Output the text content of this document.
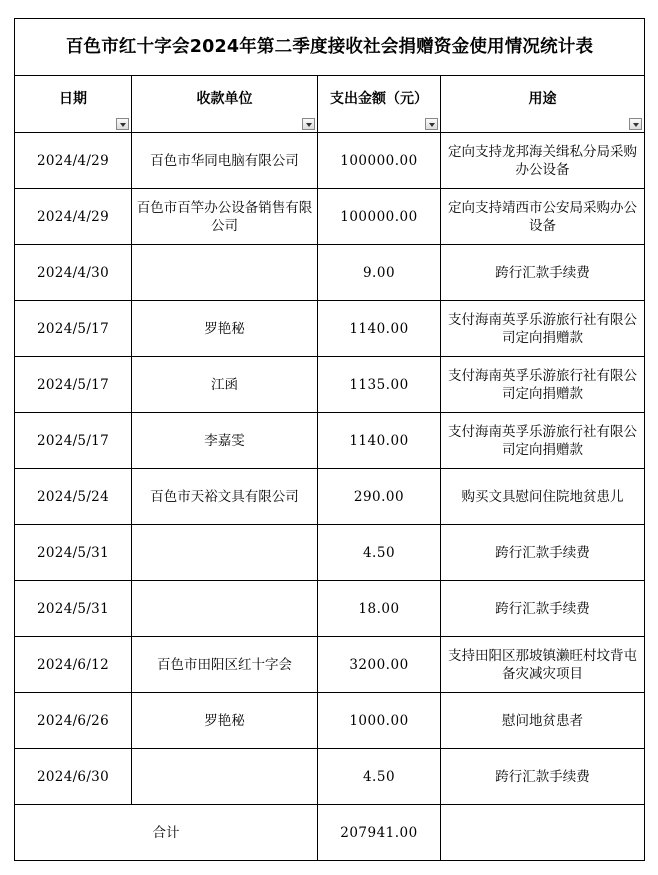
百色市红十字会2024年第二季度接收社会捐赠资金使用情况统计表			

日期	收款单位	支出金额（元）	用途

2024/4/29	百色市华同电脑有限公司	100000.00	定向支持龙邦海关缉私分局采购办公设备
2024/4/29	百色市百竿办公设备销售有限公司	100000.00	定向支持靖西市公安局采购办公设备
2024/4/30		9.00	跨行汇款手续费
2024/5/17	罗艳秘	1140.00	支付海南英孚乐游旅行社有限公司定向捐赠款
2024/5/17	江函	1135.00	支付海南英孚乐游旅行社有限公司定向捐赠款
2024/5/17	李嘉雯	1140.00	支付海南英孚乐游旅行社有限公司定向捐赠款
2024/5/24	百色市天裕文具有限公司	290.00	购买文具慰问住院地贫患儿
2024/5/31		4.50	跨行汇款手续费
2024/5/31		18.00	跨行汇款手续费
2024/6/12	百色市田阳区红十字会	3200.00	支持田阳区那坡镇濑旺村坟背屯备灾减灾项目
2024/6/26	罗艳秘	1000.00	慰问地贫患者
2024/6/30		4.50	跨行汇款手续费
合计		207941.00	
